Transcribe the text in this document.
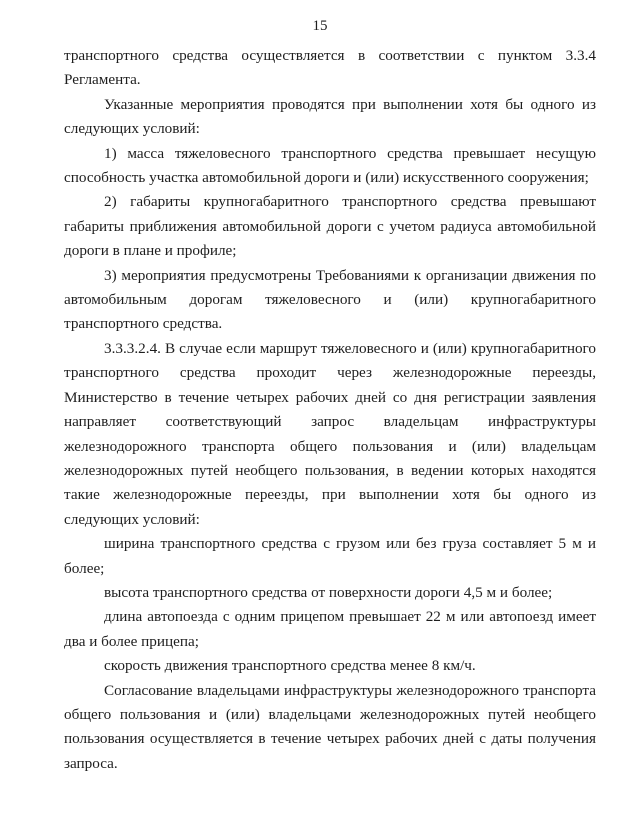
15

транспортного средства осуществляется в соответствии с пунктом 3.3.4 Регламента.

Указанные мероприятия проводятся при выполнении хотя бы одного из следующих условий:

1) масса тяжеловесного транспортного средства превышает несущую способность участка автомобильной дороги и (или) искусственного сооружения;

2) габариты крупногабаритного транспортного средства превышают габариты приближения автомобильной дороги с учетом радиуса автомобильной дороги в плане и профиле;

3) мероприятия предусмотрены Требованиями к организации движения по автомобильным дорогам тяжеловесного и (или) крупногабаритного транспортного средства.

3.3.3.2.4. В случае если маршрут тяжеловесного и (или) крупногабаритного транспортного средства проходит через железнодорожные переезды, Министерство в течение четырех рабочих дней со дня регистрации заявления направляет соответствующий запрос владельцам инфраструктуры железнодорожного транспорта общего пользования и (или) владельцам железнодорожных путей необщего пользования, в ведении которых находятся такие железнодорожные переезды, при выполнении хотя бы одного из следующих условий:

ширина транспортного средства с грузом или без груза составляет 5 м и более;

высота транспортного средства от поверхности дороги 4,5 м и более;

длина автопоезда с одним прицепом превышает 22 м или автопоезд имеет два и более прицепа;

скорость движения транспортного средства менее 8 км/ч.

Согласование владельцами инфраструктуры железнодорожного транспорта общего пользования и (или) владельцами железнодорожных путей необщего пользования осуществляется в течение четырех рабочих дней с даты получения запроса.
